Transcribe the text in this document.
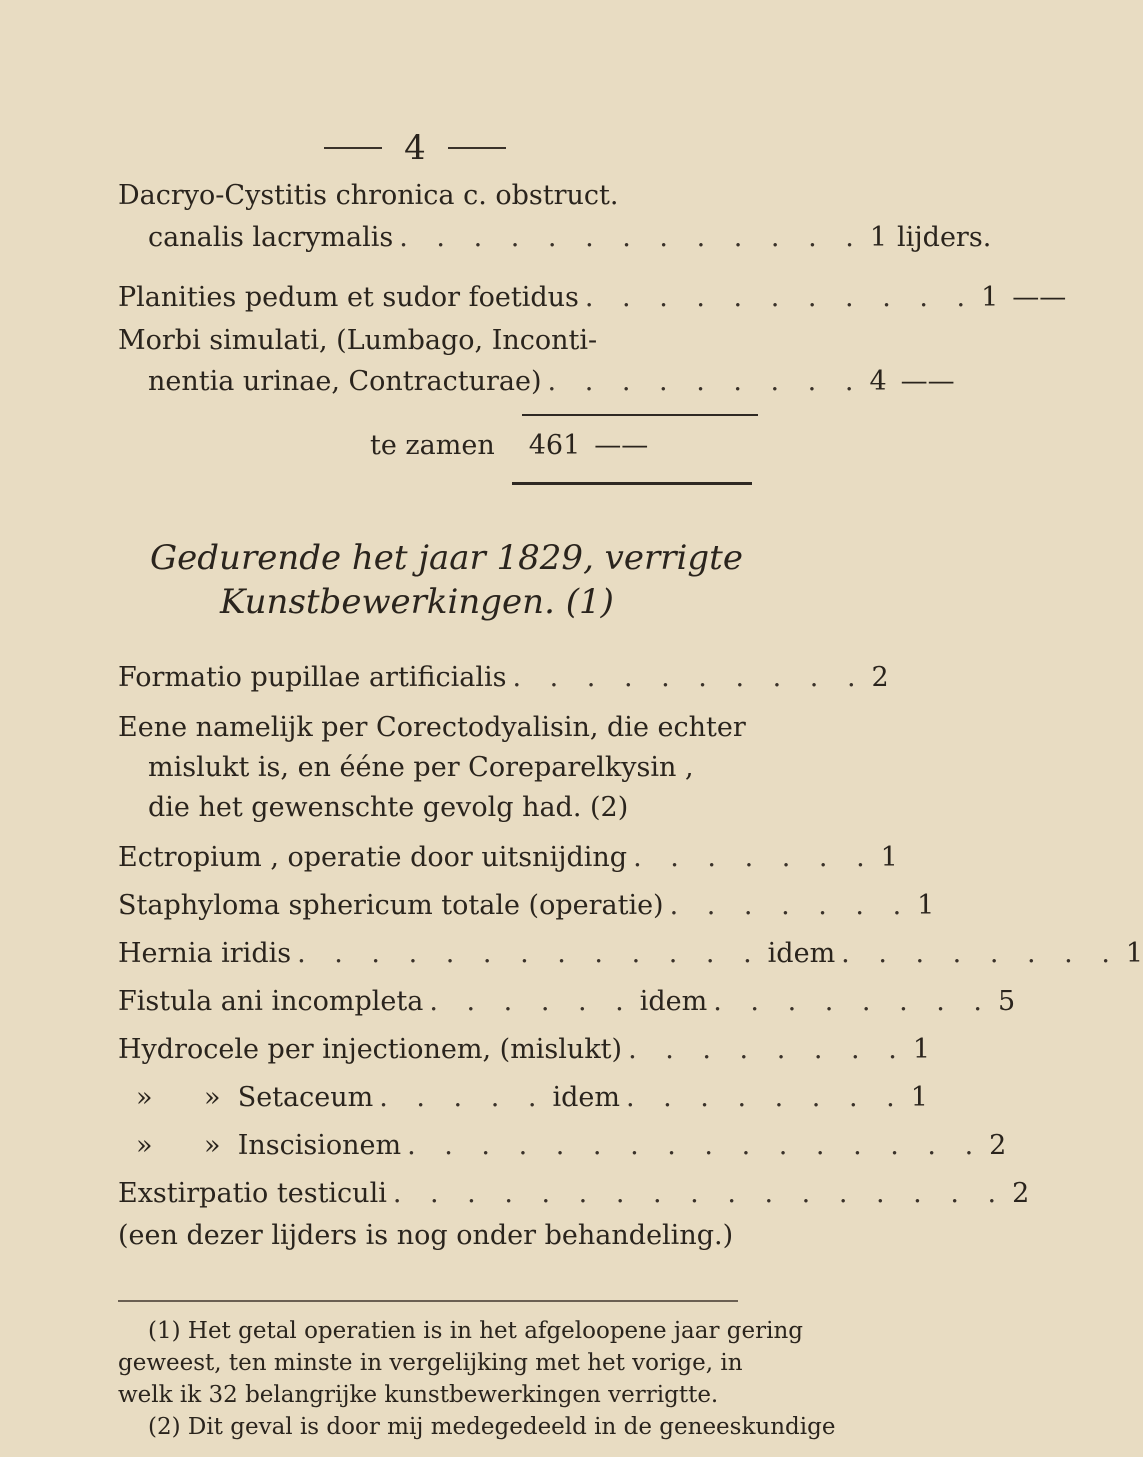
4
Dacryo-Cystitis chronica c. obstruct.
canalis lacrymalis . . . . . . . . . . . . . 1 lijders.
Planities pedum et sudor foetidus . . . . . . . . . . . 1 ——
Morbi simulati, (Lumbago, Inconti-
nentia urinae, Contracturae) . . . . . . . . . 4 ——
te zamen 461 ——
Gedurende het jaar 1829, verrigte
Kunstbewerkingen. (1)
Formatio pupillae artificialis . . . . . . . . . . 2
Eene namelijk per Corectodyalisin, die echter
mislukt is, en éénе per Coreparelkysin ,
die het gewenschte gevolg had. (2)
Ectropium , operatie door uitsnijding . . . . . . . 1
Staphyloma sphericum totale (operatie) . . . . . . . 1
Hernia iridis . . . . . . . . . . . . . idem . . . . . . . . 1
Fistula ani incompleta . . . . . . idem . . . . . . . . 5
Hydrocele per injectionem, (mislukt) . . . . . . . . 1
»      »  Setaceum . . . . . idem . . . . . . . . 1
»      »  Inscisionem . . . . . . . . . . . . . . . . 2
Exstirpatio testiculi . . . . . . . . . . . . . . . . . 2
(een dezer lijders is nog onder behandeling.)
(1) Het getal operatien is in het afgeloopene jaar gering
geweest, ten minste in vergelijking met het vorige, in
welk ik 32 belangrijke kunstbewerkingen verrigtte.
(2) Dit geval is door mij medegedeeld in de geneeskundige
